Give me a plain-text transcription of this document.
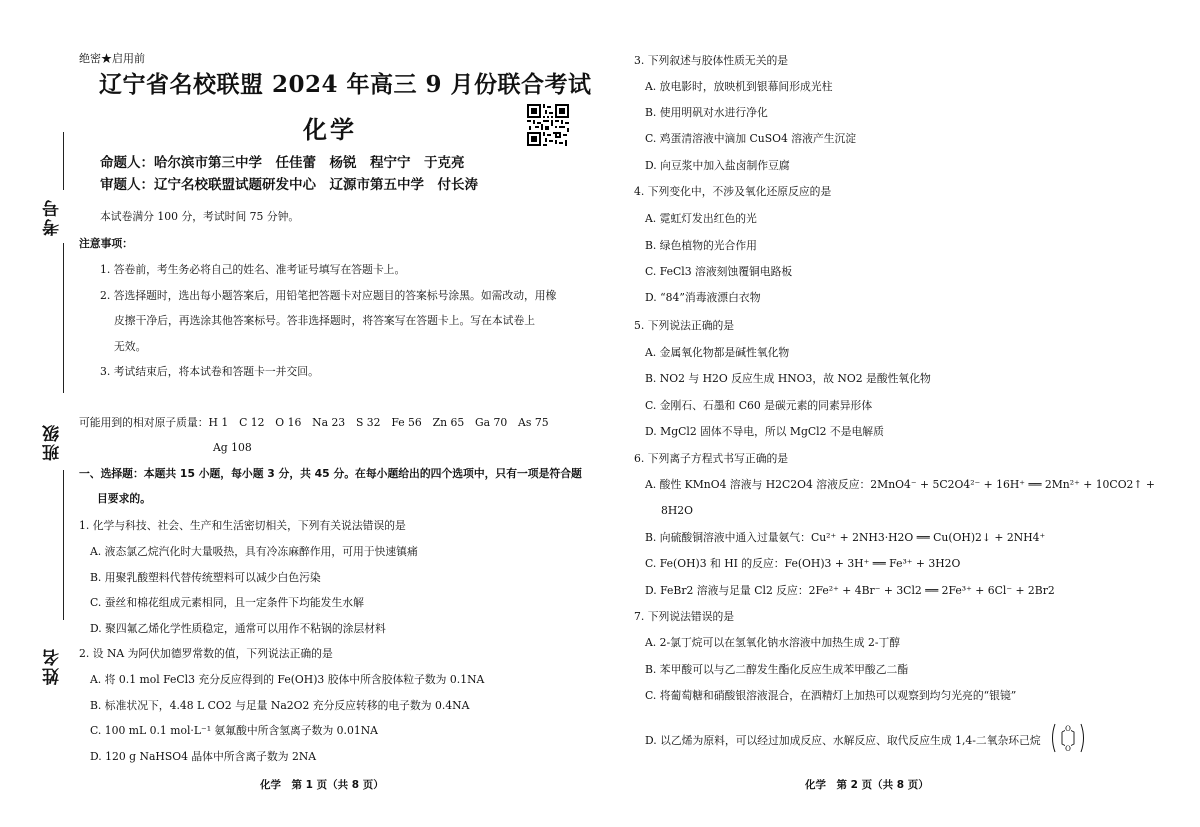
考号
班级
姓名
绝密★启用前
辽宁省名校联盟 2024 年高三 9 月份联合考试
化学
命题人：哈尔滨市第三中学　任佳蕾　杨锐　程宁宁　于克亮
审题人：辽宁名校联盟试题研发中心　辽源市第五中学　付长涛
本试卷满分 100 分，考试时间 75 分钟。
注意事项：
1. 答卷前，考生务必将自己的姓名、准考证号填写在答题卡上。
2. 答选择题时，选出每小题答案后，用铅笔把答题卡对应题目的答案标号涂黑。如需改动，用橡
皮擦干净后，再选涂其他答案标号。答非选择题时，将答案写在答题卡上。写在本试卷上
无效。
3. 考试结束后，将本试卷和答题卡一并交回。
可能用到的相对原子质量：H 1　C 12　O 16　Na 23　S 32　Fe 56　Zn 65　Ga 70　As 75
Ag 108
一、选择题：本题共 15 小题，每小题 3 分，共 45 分。在每小题给出的四个选项中，只有一项是符合题
目要求的。
1. 化学与科技、社会、生产和生活密切相关，下列有关说法错误的是
A. 液态氯乙烷汽化时大量吸热，具有冷冻麻醉作用，可用于快速镇痛
B. 用聚乳酸塑料代替传统塑料可以减少白色污染
C. 蚕丝和棉花组成元素相同，且一定条件下均能发生水解
D. 聚四氟乙烯化学性质稳定，通常可以用作不粘锅的涂层材料
2. 设 NA 为阿伏加德罗常数的值，下列说法正确的是
A. 将 0.1 mol FeCl3 充分反应得到的 Fe(OH)3 胶体中所含胶体粒子数为 0.1NA
B. 标准状况下，4.48 L CO2 与足量 Na2O2 充分反应转移的电子数为 0.4NA
C. 100 mL 0.1 mol·L⁻¹ 氨氟酸中所含氢离子数为 0.01NA
D. 120 g NaHSO4 晶体中所含离子数为 2NA
化学　第 1 页（共 8 页）
3. 下列叙述与胶体性质无关的是
A. 放电影时，放映机到银幕间形成光柱
B. 使用明矾对水进行净化
C. 鸡蛋清溶液中滴加 CuSO4 溶液产生沉淀
D. 向豆浆中加入盐卤制作豆腐
4. 下列变化中，不涉及氧化还原反应的是
A. 霓虹灯发出红色的光
B. 绿色植物的光合作用
C. FeCl3 溶液刻蚀覆铜电路板
D. “84”消毒液漂白衣物
5. 下列说法正确的是
A. 金属氧化物都是碱性氧化物
B. NO2 与 H2O 反应生成 HNO3，故 NO2 是酸性氧化物
C. 金刚石、石墨和 C60 是碳元素的同素异形体
D. MgCl2 固体不导电，所以 MgCl2 不是电解质
6. 下列离子方程式书写正确的是
A. 酸性 KMnO4 溶液与 H2C2O4 溶液反应：2MnO4⁻ + 5C2O4²⁻ + 16H⁺ ══ 2Mn²⁺ + 10CO2↑ +
8H2O
B. 向硫酸铜溶液中通入过量氨气：Cu²⁺ + 2NH3·H2O ══ Cu(OH)2↓ + 2NH4⁺
C. Fe(OH)3 和 HI 的反应：Fe(OH)3 + 3H⁺ ══ Fe³⁺ + 3H2O
D. FeBr2 溶液与足量 Cl2 反应：2Fe²⁺ + 4Br⁻ + 3Cl2 ══ 2Fe³⁺ + 6Cl⁻ + 2Br2
7. 下列说法错误的是
A. 2-氯丁烷可以在氢氧化钠水溶液中加热生成 2-丁醇
B. 苯甲酸可以与乙二醇发生酯化反应生成苯甲酸乙二酯
C. 将葡萄糖和硝酸银溶液混合，在酒精灯上加热可以观察到均匀光亮的“银镜”
D. 以乙烯为原料，可以经过加成反应、水解反应、取代反应生成 1,4-二氧杂环己烷
O
O
化学　第 2 页（共 8 页）
